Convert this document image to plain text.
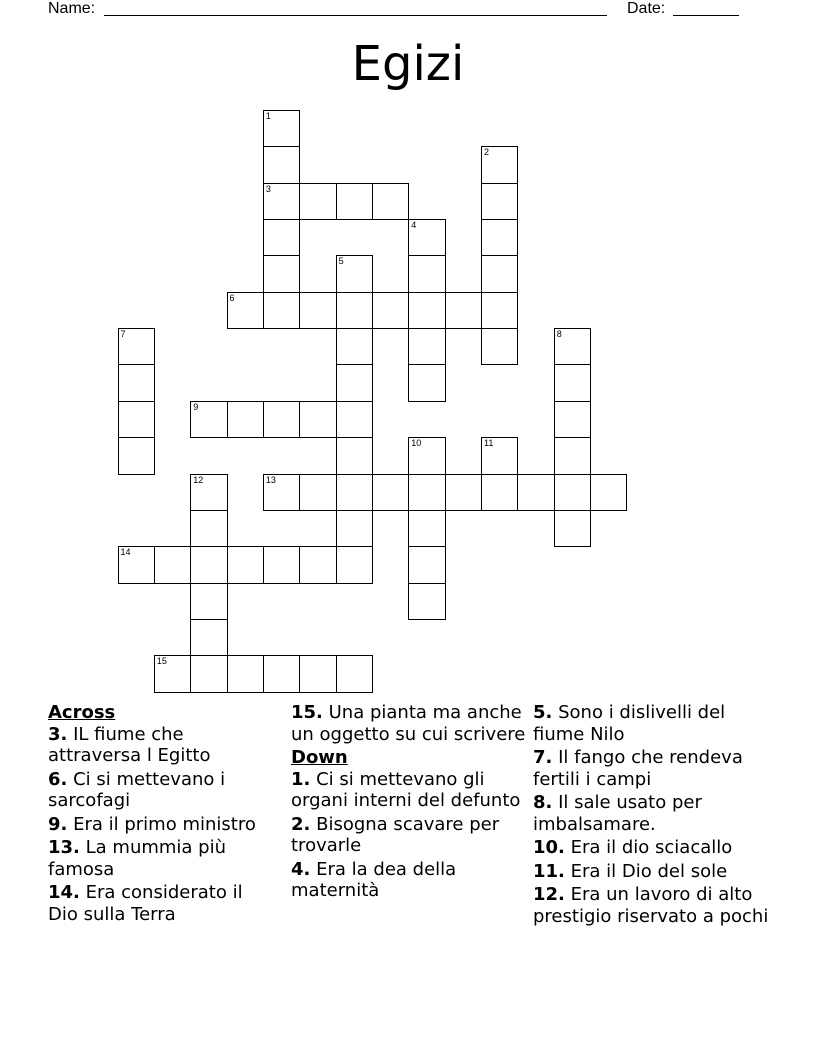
Name:	Date:
Egizi
1
3
2
4
5
6
7	8
9
10	11
12	13
14
15
Across
3. IL fiume che attraversa l Egitto
6. Ci si mettevano i sarcofagi
9. Era il primo ministro
13. La mummia più famosa
14. Era considerato il Dio sulla Terra
15. Una pianta ma anche un oggetto su cui scrivere
Down
1. Ci si mettevano gli organi interni del defunto
2. Bisogna scavare per trovarle
4. Era la dea della maternità
5. Sono i dislivelli del fiume Nilo
7. Il fango che rendeva fertili i campi
8. Il sale usato per imbalsamare.
10. Era il dio sciacallo
11. Era il Dio del sole
12. Era un lavoro di alto prestigio riservato a pochi
